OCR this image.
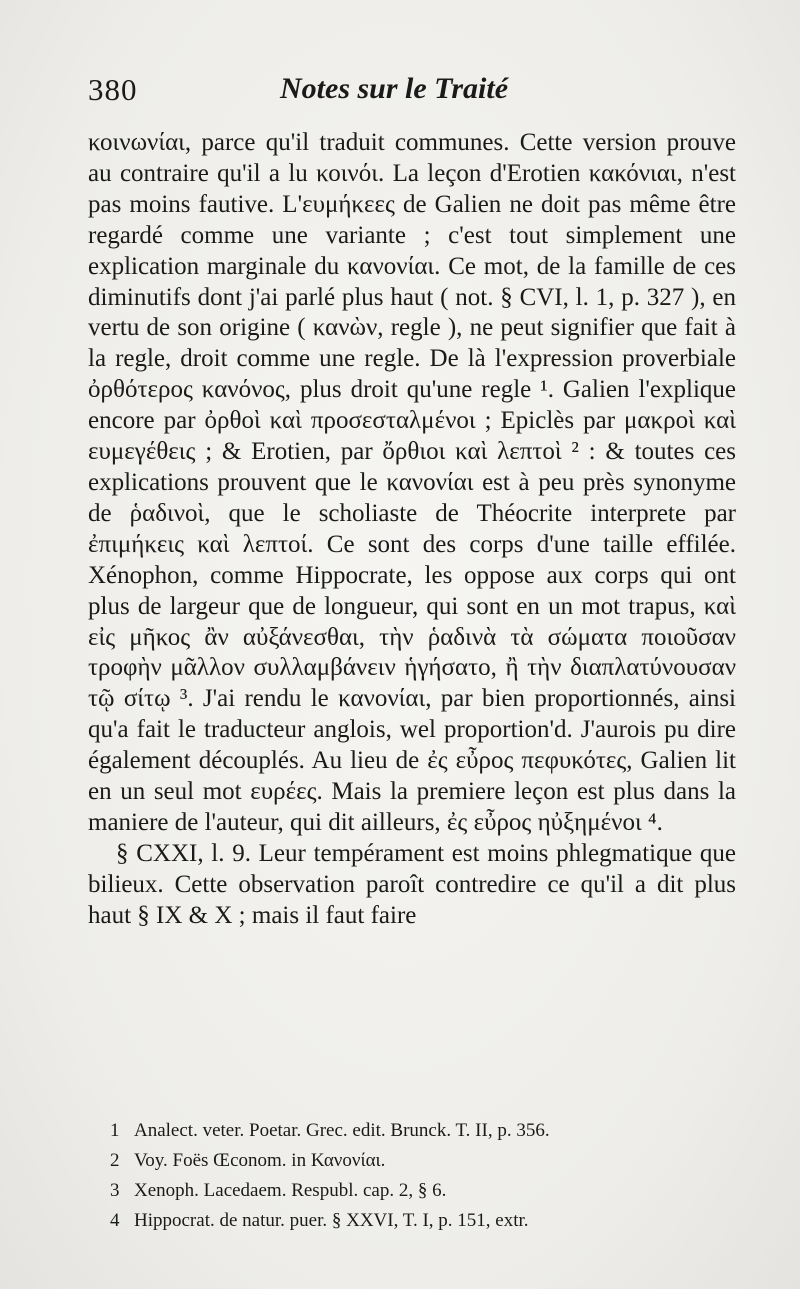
380	Notes sur le Traité

κοινωνίαι, parce qu'il traduit communes. Cette version prouve au contraire qu'il a lu κοινόι. La leçon d'Erotien κακόνιαι, n'est pas moins fautive. L'ευμήκεες de Galien ne doit pas même être regardé comme une variante ; c'est tout simplement une explication marginale du κανονίαι. Ce mot, de la famille de ces diminutifs dont j'ai parlé plus haut ( not. § CVI, l. 1, p. 327 ), en vertu de son origine ( κανὼν, regle ), ne peut signifier que fait à la regle, droit comme une regle. De là l'expression proverbiale ὀρθότερος κανόνος, plus droit qu'une regle ¹. Galien l'explique encore par ὀρθοὶ καὶ προσεσταλμένοι ; Epiclès par μακροὶ καὶ ευμεγέθεις ; & Erotien, par ὄρθιοι καὶ λεπτοὶ ² : & toutes ces explications prouvent que le κανονίαι est à peu près synonyme de ῥαδινοὶ, que le scholiaste de Théocrite interprete par ἐπιμήκεις καὶ λεπτοί. Ce sont des corps d'une taille effilée. Xénophon, comme Hippocrate, les oppose aux corps qui ont plus de largeur que de longueur, qui sont en un mot trapus, καὶ εἰς μῆκος ἂν αὐξάνεσθαι, τὴν ῥαδινὰ τὰ σώματα ποιοῦσαν τροφὴν μᾶλλον συλλαμβάνειν ἡγήσατο, ἢ τὴν διαπλατύνουσαν τῷ σίτῳ ³. J'ai rendu le κανονίαι, par bien proportionnés, ainsi qu'a fait le traducteur anglois, wel proportion'd. J'aurois pu dire également découplés. Au lieu de ἐς εὖρος πεφυκότες, Galien lit en un seul mot ευρέες. Mais la premiere leçon est plus dans la maniere de l'auteur, qui dit ailleurs, ἐς εὖρος ηὐξημένοι ⁴.

§ CXXI, l. 9. Leur tempérament est moins phlegmatique que bilieux. Cette observation paroît contredire ce qu'il a dit plus haut § IX & X ; mais il faut faire

1 Analect. veter. Poetar. Grec. edit. Brunck. T. II, p. 356.
2 Voy. Foës Œconom. in Κανονίαι.
3 Xenoph. Lacedaem. Respubl. cap. 2, § 6.
4 Hippocrat. de natur. puer. § XXVI, T. I, p. 151, extr.
